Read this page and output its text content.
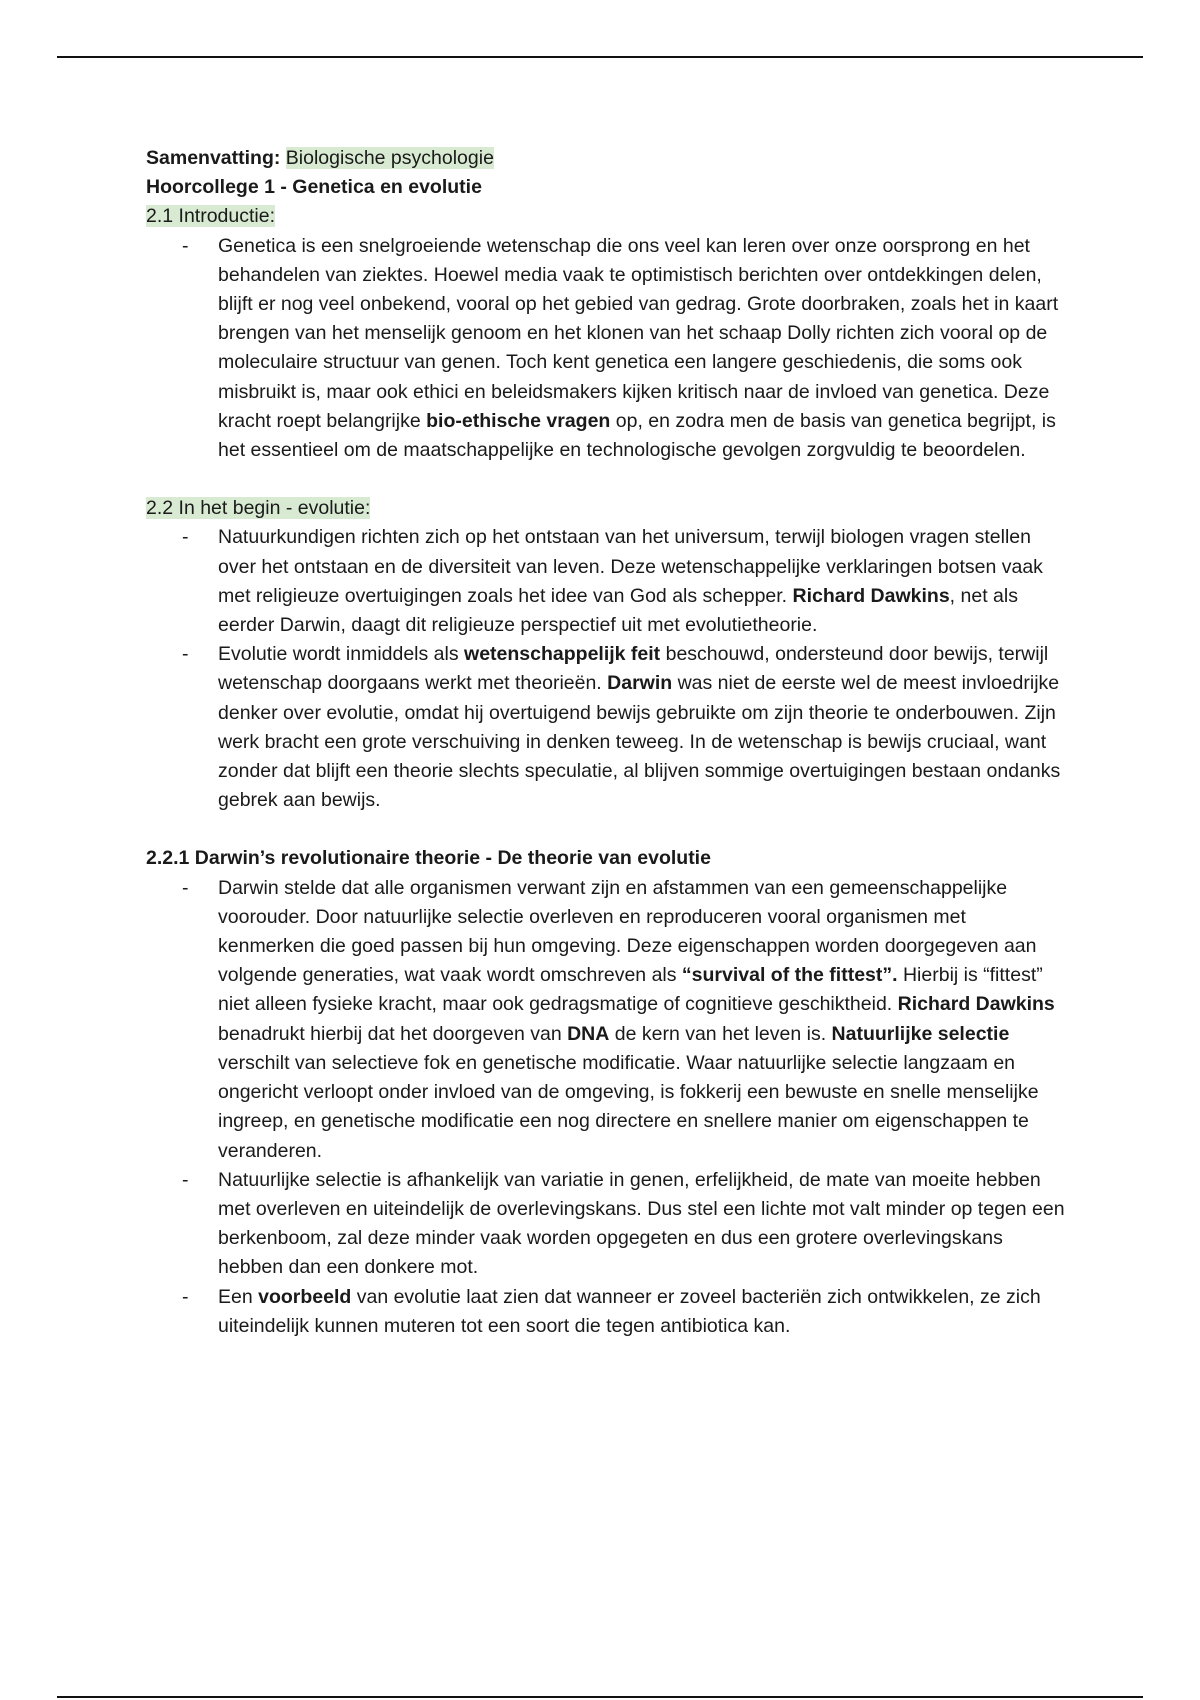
Samenvatting: Biologische psychologie

Hoorcollege 1 - Genetica en evolutie

2.1 Introductie:

- Genetica is een snelgroeiende wetenschap die ons veel kan leren over onze oorsprong en het behandelen van ziektes. Hoewel media vaak te optimistisch berichten over ontdekkingen delen, blijft er nog veel onbekend, vooral op het gebied van gedrag. Grote doorbraken, zoals het in kaart brengen van het menselijk genoom en het klonen van het schaap Dolly richten zich vooral op de moleculaire structuur van genen. Toch kent genetica een langere geschiedenis, die soms ook misbruikt is, maar ook ethici en beleidsmakers kijken kritisch naar de invloed van genetica. Deze kracht roept belangrijke bio-ethische vragen op, en zodra men de basis van genetica begrijpt, is het essentieel om de maatschappelijke en technologische gevolgen zorgvuldig te beoordelen.

2.2 In het begin - evolutie:

- Natuurkundigen richten zich op het ontstaan van het universum, terwijl biologen vragen stellen over het ontstaan en de diversiteit van leven. Deze wetenschappelijke verklaringen botsen vaak met religieuze overtuigingen zoals het idee van God als schepper. Richard Dawkins, net als eerder Darwin, daagt dit religieuze perspectief uit met evolutietheorie.

- Evolutie wordt inmiddels als wetenschappelijk feit beschouwd, ondersteund door bewijs, terwijl wetenschap doorgaans werkt met theorieën. Darwin was niet de eerste wel de meest invloedrijke denker over evolutie, omdat hij overtuigend bewijs gebruikte om zijn theorie te onderbouwen. Zijn werk bracht een grote verschuiving in denken teweeg. In de wetenschap is bewijs cruciaal, want zonder dat blijft een theorie slechts speculatie, al blijven sommige overtuigingen bestaan ondanks gebrek aan bewijs.

2.2.1 Darwin’s revolutionaire theorie - De theorie van evolutie

- Darwin stelde dat alle organismen verwant zijn en afstammen van een gemeenschappelijke voorouder. Door natuurlijke selectie overleven en reproduceren vooral organismen met kenmerken die goed passen bij hun omgeving. Deze eigenschappen worden doorgegeven aan volgende generaties, wat vaak wordt omschreven als “survival of the fittest”. Hierbij is “fittest” niet alleen fysieke kracht, maar ook gedragsmatige of cognitieve geschiktheid. Richard Dawkins benadrukt hierbij dat het doorgeven van DNA de kern van het leven is. Natuurlijke selectie verschilt van selectieve fok en genetische modificatie. Waar natuurlijke selectie langzaam en ongericht verloopt onder invloed van de omgeving, is fokkerij een bewuste en snelle menselijke ingreep, en genetische modificatie een nog directere en snellere manier om eigenschappen te veranderen.

- Natuurlijke selectie is afhankelijk van variatie in genen, erfelijkheid, de mate van moeite hebben met overleven en uiteindelijk de overlevingskans. Dus stel een lichte mot valt minder op tegen een berkenboom, zal deze minder vaak worden opgegeten en dus een grotere overlevingskans hebben dan een donkere mot.

- Een voorbeeld van evolutie laat zien dat wanneer er zoveel bacteriën zich ontwikkelen, ze zich uiteindelijk kunnen muteren tot een soort die tegen antibiotica kan.
